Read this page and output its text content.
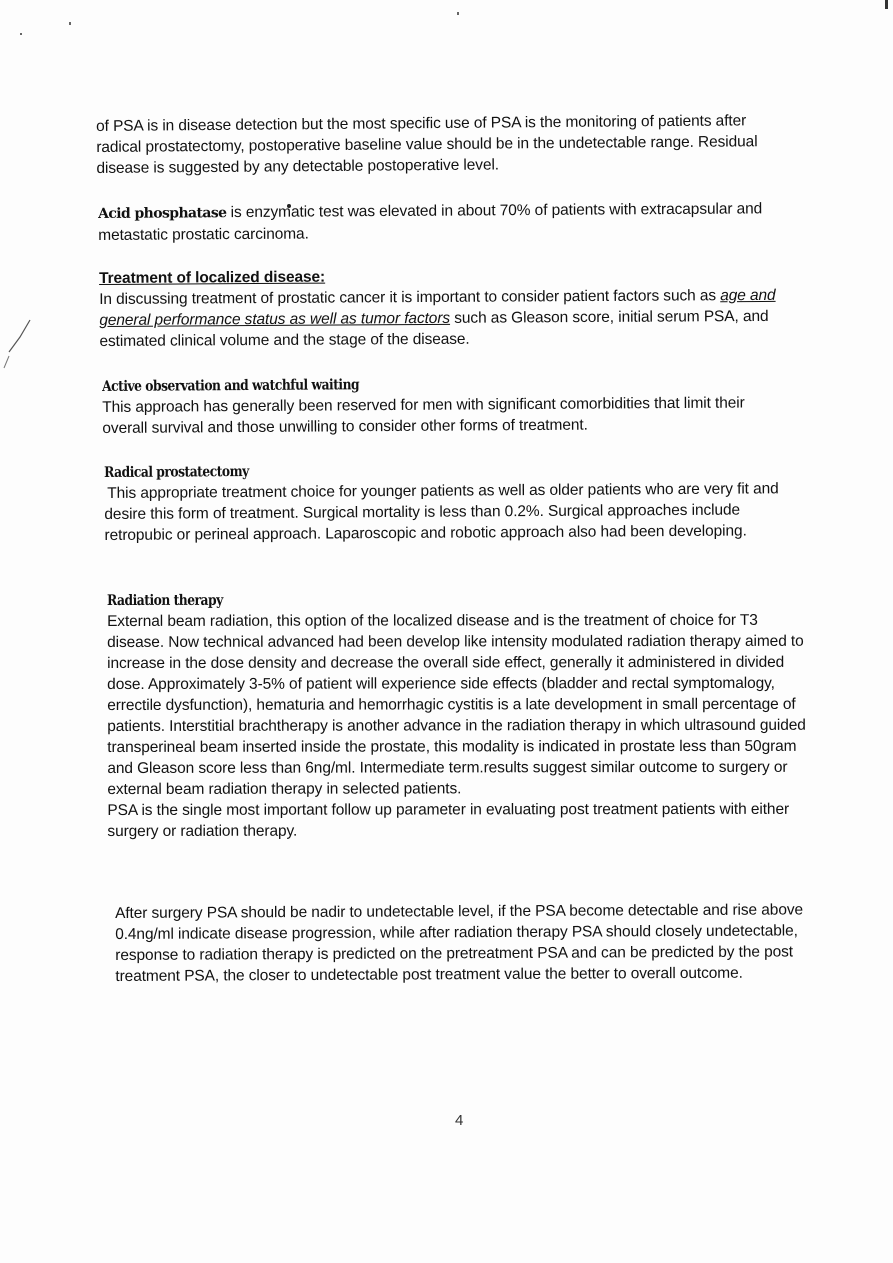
of PSA is in disease detection but the most specific use of PSA is the monitoring of patients after radical prostatectomy, postoperative baseline value should be in the undetectable range. Residual disease is suggested by any detectable postoperative level.

Acid phosphatase is enzymatic test was elevated in about 70% of patients with extracapsular and metastatic prostatic carcinoma.

Treatment of localized disease:

In discussing treatment of prostatic cancer it is important to consider patient factors such as age and general performance status as well as tumor factors such as Gleason score, initial serum PSA, and estimated clinical volume and the stage of the disease.

Active observation and watchful waiting

This approach has generally been reserved for men with significant comorbidities that limit their overall survival and those unwilling to consider other forms of treatment.

Radical prostatectomy

This appropriate treatment choice for younger patients as well as older patients who are very fit and desire this form of treatment. Surgical mortality is less than 0.2%. Surgical approaches include retropubic or perineal approach. Laparoscopic and robotic approach also had been developing.

Radiation therapy

External beam radiation, this option of the localized disease and is the treatment of choice for T3 disease. Now technical advanced had been develop like intensity modulated radiation therapy aimed to increase in the dose density and decrease the overall side effect, generally it administered in divided dose. Approximately 3-5% of patient will experience side effects (bladder and rectal symptomalogy, errectile dysfunction), hematuria and hemorrhagic cystitis is a late development in small percentage of patients. Interstitial brachtherapy is another advance in the radiation therapy in which ultrasound guided transperineal beam inserted inside the prostate, this modality is indicated in prostate less than 50gram and Gleason score less than 6ng/ml. Intermediate term.results suggest similar outcome to surgery or external beam radiation therapy in selected patients.

PSA is the single most important follow up parameter in evaluating post treatment patients with either surgery or radiation therapy.

After surgery PSA should be nadir to undetectable level, if the PSA become detectable and rise above 0.4ng/ml indicate disease progression, while after radiation therapy PSA should closely undetectable, response to radiation therapy is predicted on the pretreatment PSA and can be predicted by the post treatment PSA, the closer to undetectable post treatment value the better to overall outcome.

4
